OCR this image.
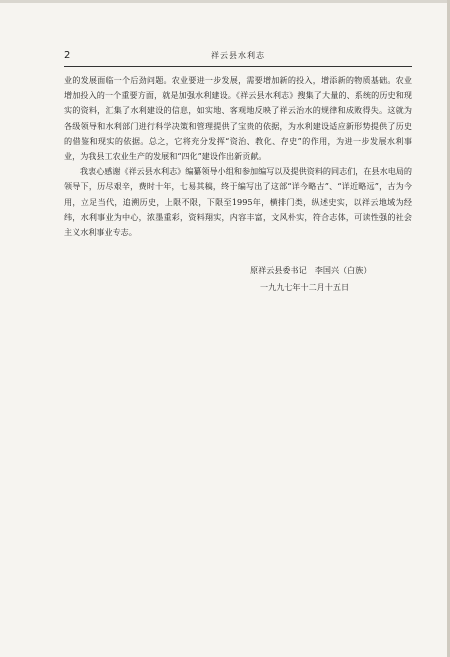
2	祥云县水利志

业的发展面临一个后劲问题。农业要进一步发展，需要增加新的投入，增添新的物质基础。农业增加投入的一个重要方面，就是加强水利建设。《祥云县水利志》搜集了大量的、系统的历史和现实的资料，汇集了水利建设的信息，如实地、客观地反映了祥云治水的规律和成败得失。这就为各级领导和水利部门进行科学决策和管理提供了宝贵的依据，为水利建设适应新形势提供了历史的借鉴和现实的依据。总之，它将充分发挥“资治、教化、存史”的作用，为进一步发展水利事业，为我县工农业生产的发展和“四化”建设作出新贡献。

我衷心感谢《祥云县水利志》编纂领导小组和参加编写以及提供资料的同志们，在县水电局的领导下，历尽艰辛，费时十年，七易其稿，终于编写出了这部“详今略古”、“详近略远”，古为今用，立足当代，追溯历史，上限不限，下限至1995年，横排门类，纵述史实，以祥云地域为经纬，水利事业为中心，浓墨重彩，资料翔实，内容丰富，文风朴实，符合志体，可读性强的社会主义水利事业专志。

原祥云县委书记　李国兴（白族）
一九九七年十二月十五日
